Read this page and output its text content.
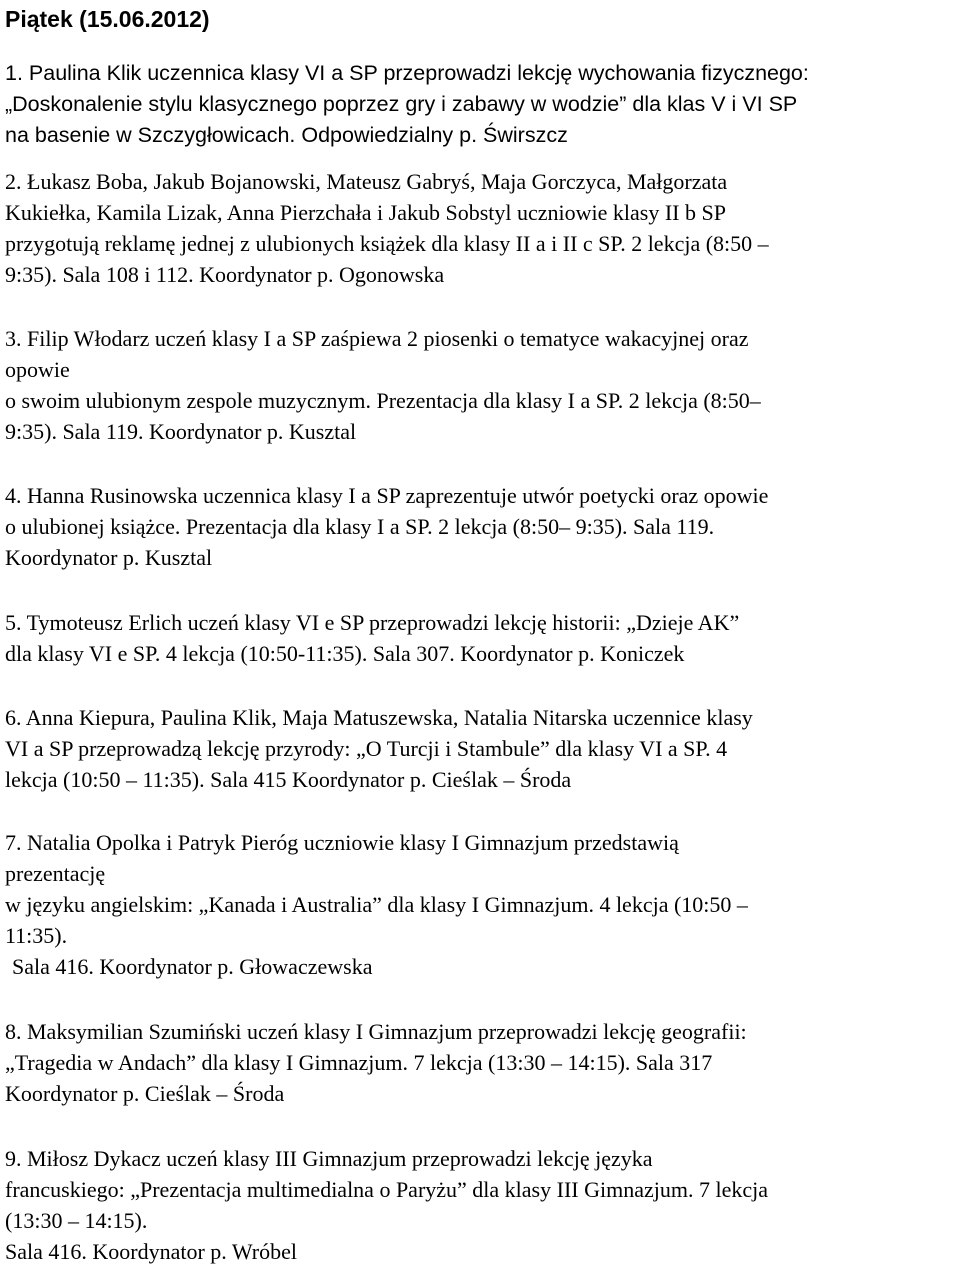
Piątek (15.06.2012)
1. Paulina Klik uczennica klasy VI a SP przeprowadzi lekcję wychowania fizycznego:
„Doskonalenie stylu klasycznego poprzez gry i zabawy w wodzie” dla klas V i VI SP
na basenie w Szczygłowicach. Odpowiedzialny p. Świrszcz
2. Łukasz Boba, Jakub Bojanowski, Mateusz Gabryś, Maja Gorczyca, Małgorzata
Kukiełka, Kamila Lizak, Anna Pierzchała i Jakub Sobstyl uczniowie klasy II b SP
przygotują reklamę jednej z ulubionych książek dla klasy II a i II c SP. 2 lekcja (8:50 –
9:35). Sala 108 i 112. Koordynator p. Ogonowska
3. Filip Włodarz uczeń klasy I a SP zaśpiewa 2 piosenki o tematyce wakacyjnej oraz
opowie
o swoim ulubionym zespole muzycznym. Prezentacja dla klasy I a SP. 2 lekcja (8:50–
9:35). Sala 119. Koordynator p. Kusztal
4. Hanna Rusinowska uczennica klasy I a SP zaprezentuje utwór poetycki oraz opowie
o ulubionej książce. Prezentacja dla klasy I a SP. 2 lekcja (8:50– 9:35). Sala 119.
Koordynator p. Kusztal
5. Tymoteusz Erlich uczeń klasy VI e SP przeprowadzi lekcję historii: „Dzieje AK”
dla klasy VI e SP. 4 lekcja (10:50-11:35). Sala 307. Koordynator p. Koniczek
6. Anna Kiepura, Paulina Klik, Maja Matuszewska, Natalia Nitarska uczennice klasy
VI a SP przeprowadzą lekcję przyrody: „O Turcji i Stambule” dla klasy VI a SP. 4
lekcja (10:50 – 11:35). Sala 415 Koordynator p. Cieślak – Środa
7. Natalia Opolka i Patryk Pieróg uczniowie klasy I Gimnazjum przedstawią
prezentację
w języku angielskim: „Kanada i Australia” dla klasy I Gimnazjum. 4 lekcja (10:50 –
11:35).
Sala 416. Koordynator p. Głowaczewska
8. Maksymilian Szumiński uczeń klasy I Gimnazjum przeprowadzi lekcję geografii:
„Tragedia w Andach” dla klasy I Gimnazjum. 7 lekcja (13:30 – 14:15). Sala 317
Koordynator p. Cieślak – Środa
9. Miłosz Dykacz uczeń klasy III Gimnazjum przeprowadzi lekcję języka
francuskiego: „Prezentacja multimedialna o Paryżu” dla klasy III Gimnazjum. 7 lekcja
(13:30 – 14:15).
Sala 416. Koordynator p. Wróbel
